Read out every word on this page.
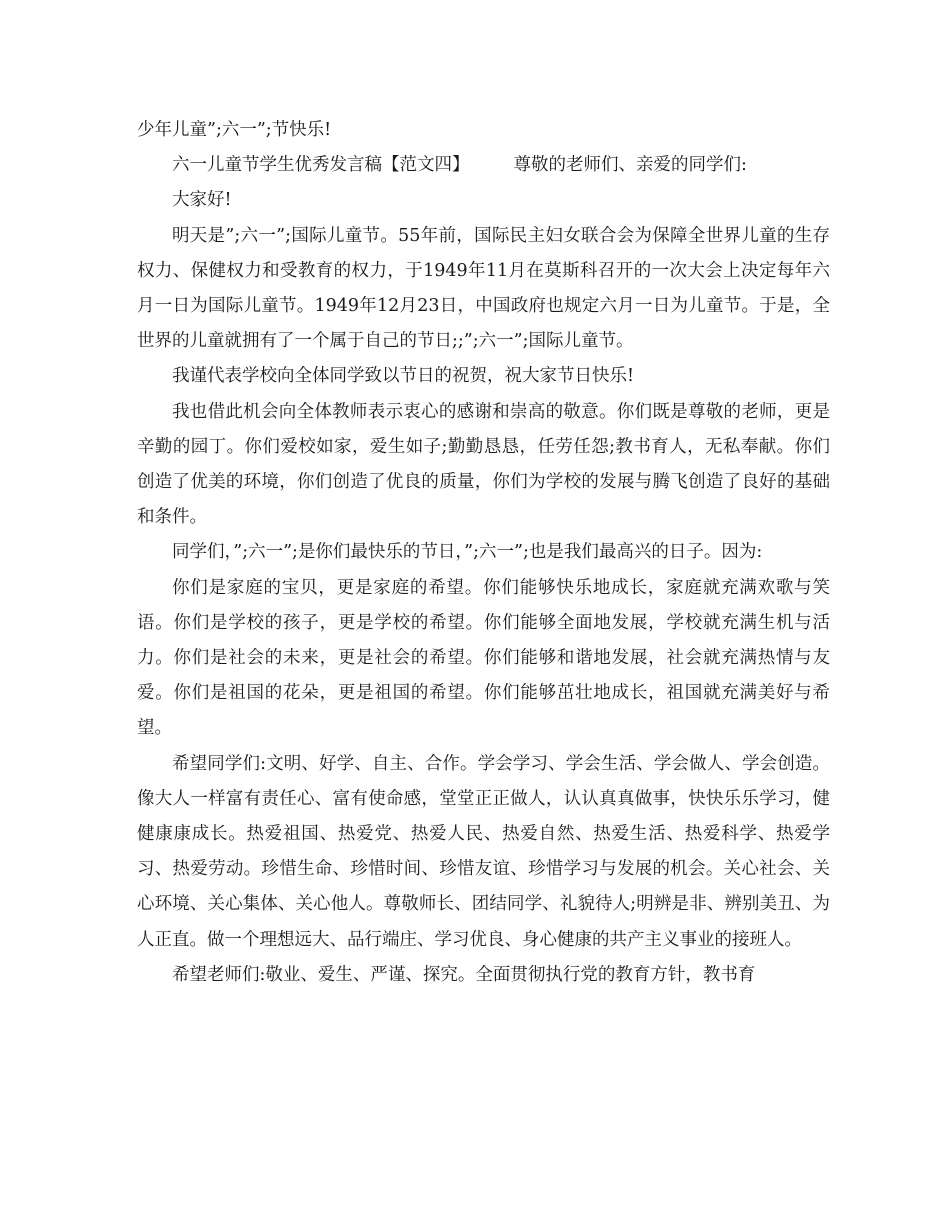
少年儿童”;六一”;节快乐!

六一儿童节学生优秀发言稿【范文四】	尊敬的老师们、亲爱的同学们:

大家好!

明天是”;六一”;国际儿童节。55年前，国际民主妇女联合会为保障全世界儿童的生存权力、保健权力和受教育的权力，于1949年11月在莫斯科召开的一次大会上决定每年六月一日为国际儿童节。1949年12月23日，中国政府也规定六月一日为儿童节。于是，全世界的儿童就拥有了一个属于自己的节日;;”;六一”;国际儿童节。

我谨代表学校向全体同学致以节日的祝贺，祝大家节日快乐!

我也借此机会向全体教师表示衷心的感谢和崇高的敬意。你们既是尊敬的老师，更是辛勤的园丁。你们爱校如家，爱生如子;勤勤恳恳，任劳任怨;教书育人，无私奉献。你们创造了优美的环境，你们创造了优良的质量，你们为学校的发展与腾飞创造了良好的基础和条件。

同学们，”;六一”;是你们最快乐的节日，”;六一”;也是我们最高兴的日子。因为:

你们是家庭的宝贝，更是家庭的希望。你们能够快乐地成长，家庭就充满欢歌与笑语。你们是学校的孩子，更是学校的希望。你们能够全面地发展，学校就充满生机与活力。你们是社会的未来，更是社会的希望。你们能够和谐地发展，社会就充满热情与友爱。你们是祖国的花朵，更是祖国的希望。你们能够茁壮地成长，祖国就充满美好与希望。

希望同学们:文明、好学、自主、合作。学会学习、学会生活、学会做人、学会创造。像大人一样富有责任心、富有使命感，堂堂正正做人，认认真真做事，快快乐乐学习，健健康康成长。热爱祖国、热爱党、热爱人民、热爱自然、热爱生活、热爱科学、热爱学习、热爱劳动。珍惜生命、珍惜时间、珍惜友谊、珍惜学习与发展的机会。关心社会、关心环境、关心集体、关心他人。尊敬师长、团结同学、礼貌待人;明辨是非、辨别美丑、为人正直。做一个理想远大、品行端庄、学习优良、身心健康的共产主义事业的接班人。

希望老师们:敬业、爱生、严谨、探究。全面贯彻执行党的教育方针，教书育
